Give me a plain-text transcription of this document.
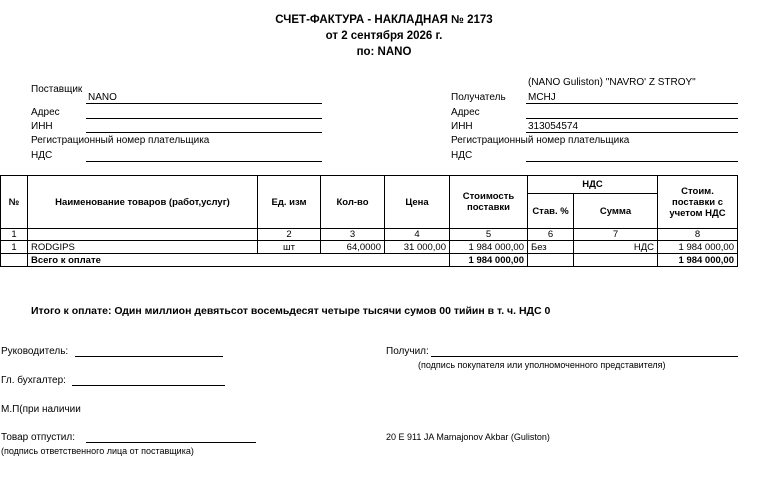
СЧЕТ-ФАКТУРА - НАКЛАДНАЯ № 2173
от 2 сентября 2026 г.
по: NANO
Поставщик
NANO
Адрес
ИНН
Регистрационный номер плательщика
НДС
(NANO Guliston) "NAVRO' Z STROY"
Получатель MCHJ
Адрес
ИНН	313054574
Регистрационный номер плательщика
НДС
№	Наименование товаров (работ,услуг)	Ед. изм	Кол-во	Цена	Стоимость поставки	НДС		Стоим. поставки с учетом НДС
						Став. %	Сумма	
1		2	3	4	5	6	7	8
1	RODGIPS	шт	64,0000	31 000,00	1 984 000,00	Без	НДС	1 984 000,00
	Всего к оплате				1 984 000,00			1 984 000,00
Итого к оплате: Один миллион девятьсот восемьдесят четыре тысячи сумов 00 тийин в т. ч. НДС 0
Руководитель:
Гл. бухгалтер:
М.П(при наличии
Товар отпустил:
(подпись ответственного лица от поставщика)
Получил:
(подпись покупателя или уполномоченного представителя)
20 E 911 JA Mamajonov Akbar (Guliston)
